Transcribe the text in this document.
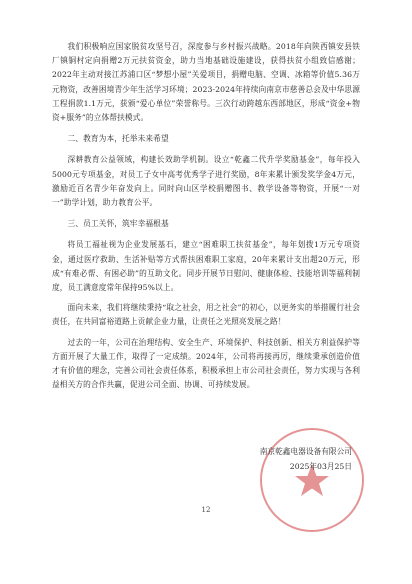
我们积极响应国家脱贫攻坚号召，深度参与乡村振兴战略。2018年向陕西镇安县铁厂镇铜村定向捐赠2万元扶贫资金，助力当地基础设施建设，获得扶贫小组致信感谢；2022年主动对接江苏浦口区“梦想小屋”关爱项目，捐赠电脑、空调、冰箱等价值5.36万元物资，改善困境青少年生活学习环境；2023-2024年持续向南京市慈善总会及中华思源工程捐款1.1万元，获颁“爱心单位”荣誉称号。三次行动跨越东西部地区，形成“资金+物资+服务”的立体帮扶模式。

二、教育为本，托举未来希望

深耕教育公益领域，构建长效助学机制。设立“乾鑫二代升学奖励基金”，每年投入5000元专项基金，对员工子女中高考优秀学子进行奖励，8年来累计颁发奖学金4万元，激励近百名青少年奋发向上。同时向山区学校捐赠图书、教学设备等物资，开展“一对一”助学计划，助力教育公平。

三、员工关怀，筑牢幸福根基

将员工福祉视为企业发展基石，建立“困难职工扶贫基金”，每年划拨1万元专项资金，通过医疗救助、生活补贴等方式帮扶困难职工家庭，20年来累计支出超20万元，形成“有难必帮、有困必助”的互助文化。同步开展节日慰问、健康体检、技能培训等福利制度，员工满意度常年保持95%以上。

面向未来，我们将继续秉持“取之社会，用之社会”的初心，以更务实的举措履行社会责任，在共同富裕道路上贡献企业力量，让责任之光照亮发展之路！

过去的一年，公司在治理结构、安全生产、环境保护、科技创新、相关方利益保护等方面开展了大量工作，取得了一定成绩。2024年，公司将再接再厉，继续秉承创造价值才有价值的理念，完善公司社会责任体系，积极承担上市公司社会责任，努力实现与各利益相关方的合作共赢，促进公司全面、协调、可持续发展。

南京乾鑫电器设备有限公司
2025年03月25日
12
